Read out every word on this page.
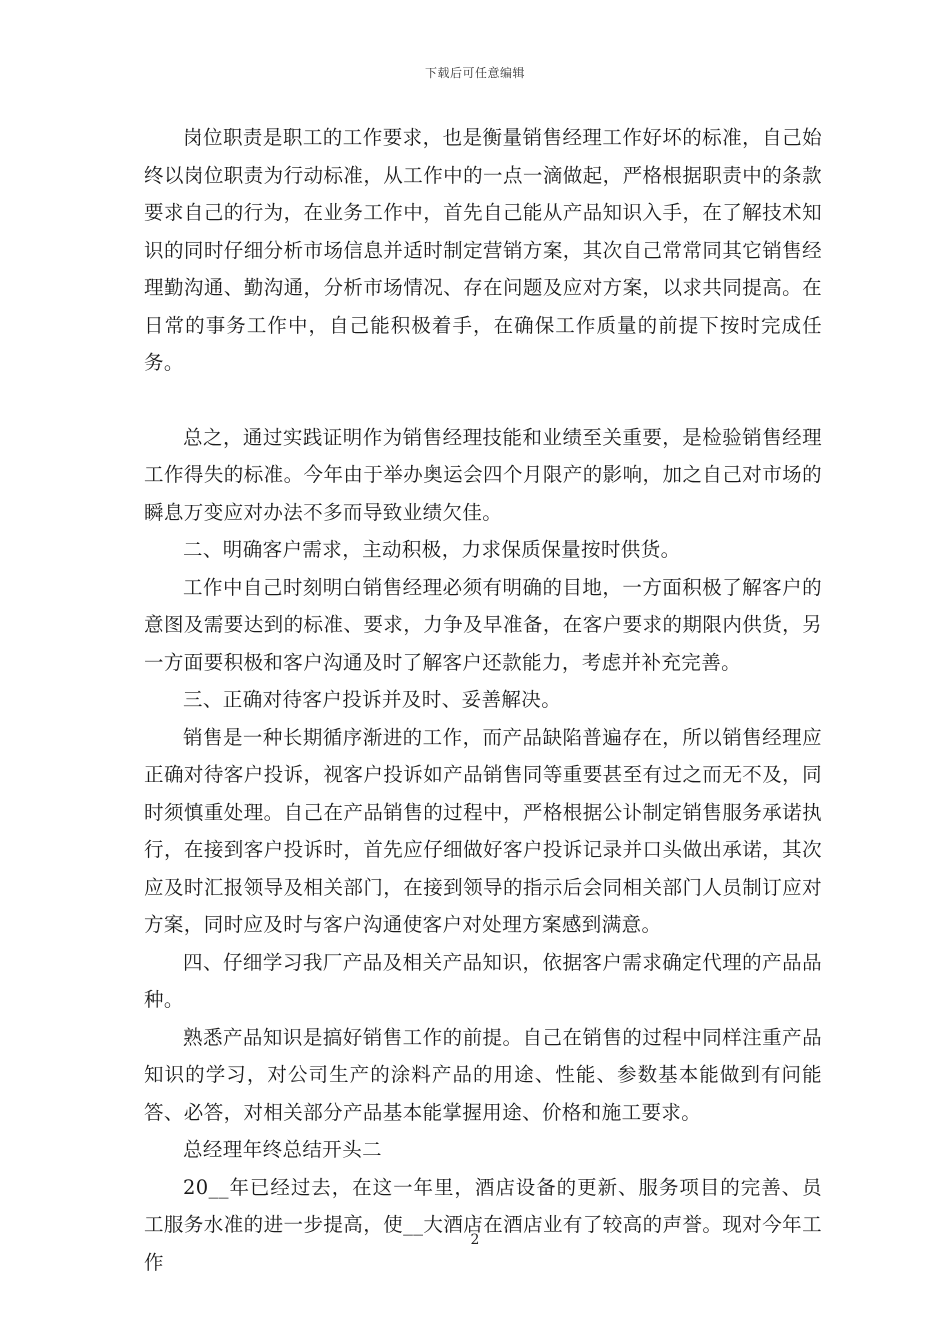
下载后可任意编辑

岗位职责是职工的工作要求，也是衡量销售经理工作好坏的标准，自己始终以岗位职责为行动标准，从工作中的一点一滴做起，严格根据职责中的条款要求自己的行为，在业务工作中，首先自己能从产品知识入手，在了解技术知识的同时仔细分析市场信息并适时制定营销方案，其次自己常常同其它销售经理勤沟通、勤沟通，分析市场情况、存在问题及应对方案，以求共同提高。在日常的事务工作中，自己能积极着手，在确保工作质量的前提下按时完成任务。

总之，通过实践证明作为销售经理技能和业绩至关重要，是检验销售经理工作得失的标准。今年由于举办奥运会四个月限产的影响，加之自己对市场的瞬息万变应对办法不多而导致业绩欠佳。

二、明确客户需求，主动积极，力求保质保量按时供货。

工作中自己时刻明白销售经理必须有明确的目地，一方面积极了解客户的意图及需要达到的标准、要求，力争及早准备，在客户要求的期限内供货，另一方面要积极和客户沟通及时了解客户还款能力，考虑并补充完善。

三、正确对待客户投诉并及时、妥善解决。

销售是一种长期循序渐进的工作，而产品缺陷普遍存在，所以销售经理应正确对待客户投诉，视客户投诉如产品销售同等重要甚至有过之而无不及，同时须慎重处理。自己在产品销售的过程中，严格根据公讣制定销售服务承诺执行，在接到客户投诉时，首先应仔细做好客户投诉记录并口头做出承诺，其次应及时汇报领导及相关部门，在接到领导的指示后会同相关部门人员制订应对方案，同时应及时与客户沟通使客户对处理方案感到满意。

四、仔细学习我厂产品及相关产品知识，依据客户需求确定代理的产品品种。

熟悉产品知识是搞好销售工作的前提。自己在销售的过程中同样注重产品知识的学习，对公司生产的涂料产品的用途、性能、参数基本能做到有问能答、必答，对相关部分产品基本能掌握用途、价格和施工要求。

总经理年终总结开头二

20__年已经过去，在这一年里，酒店设备的更新、服务项目的完善、员工服务水准的进一步提高，使__大酒店在酒店业有了较高的声誉。现对今年工作

2
